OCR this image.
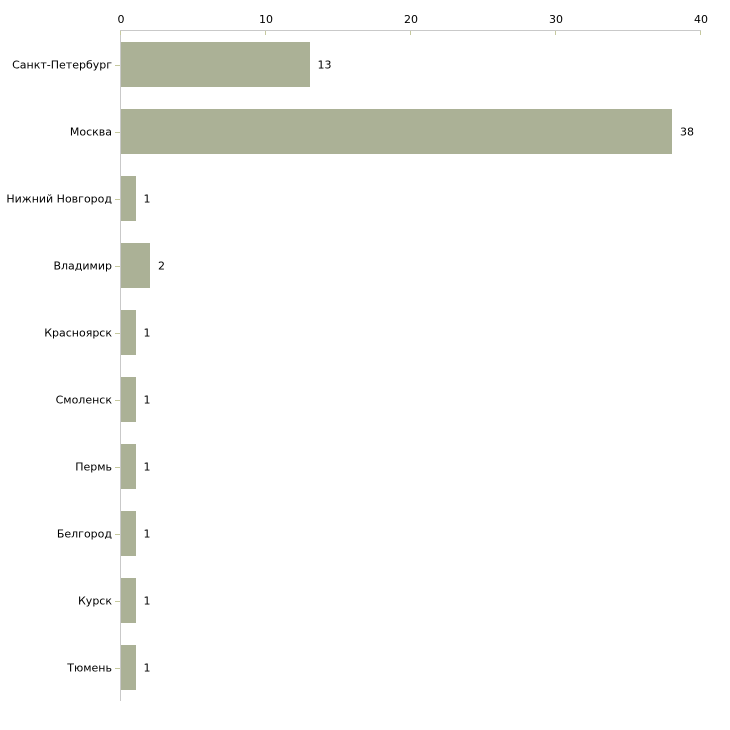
0	10	20	30	40
Санкт-Петербург	13
Москва	38
Нижний Новгород	1
Владимир	2
Красноярск	1
Смоленск	1
Пермь	1
Белгород	1
Курск	1
Тюмень	1
